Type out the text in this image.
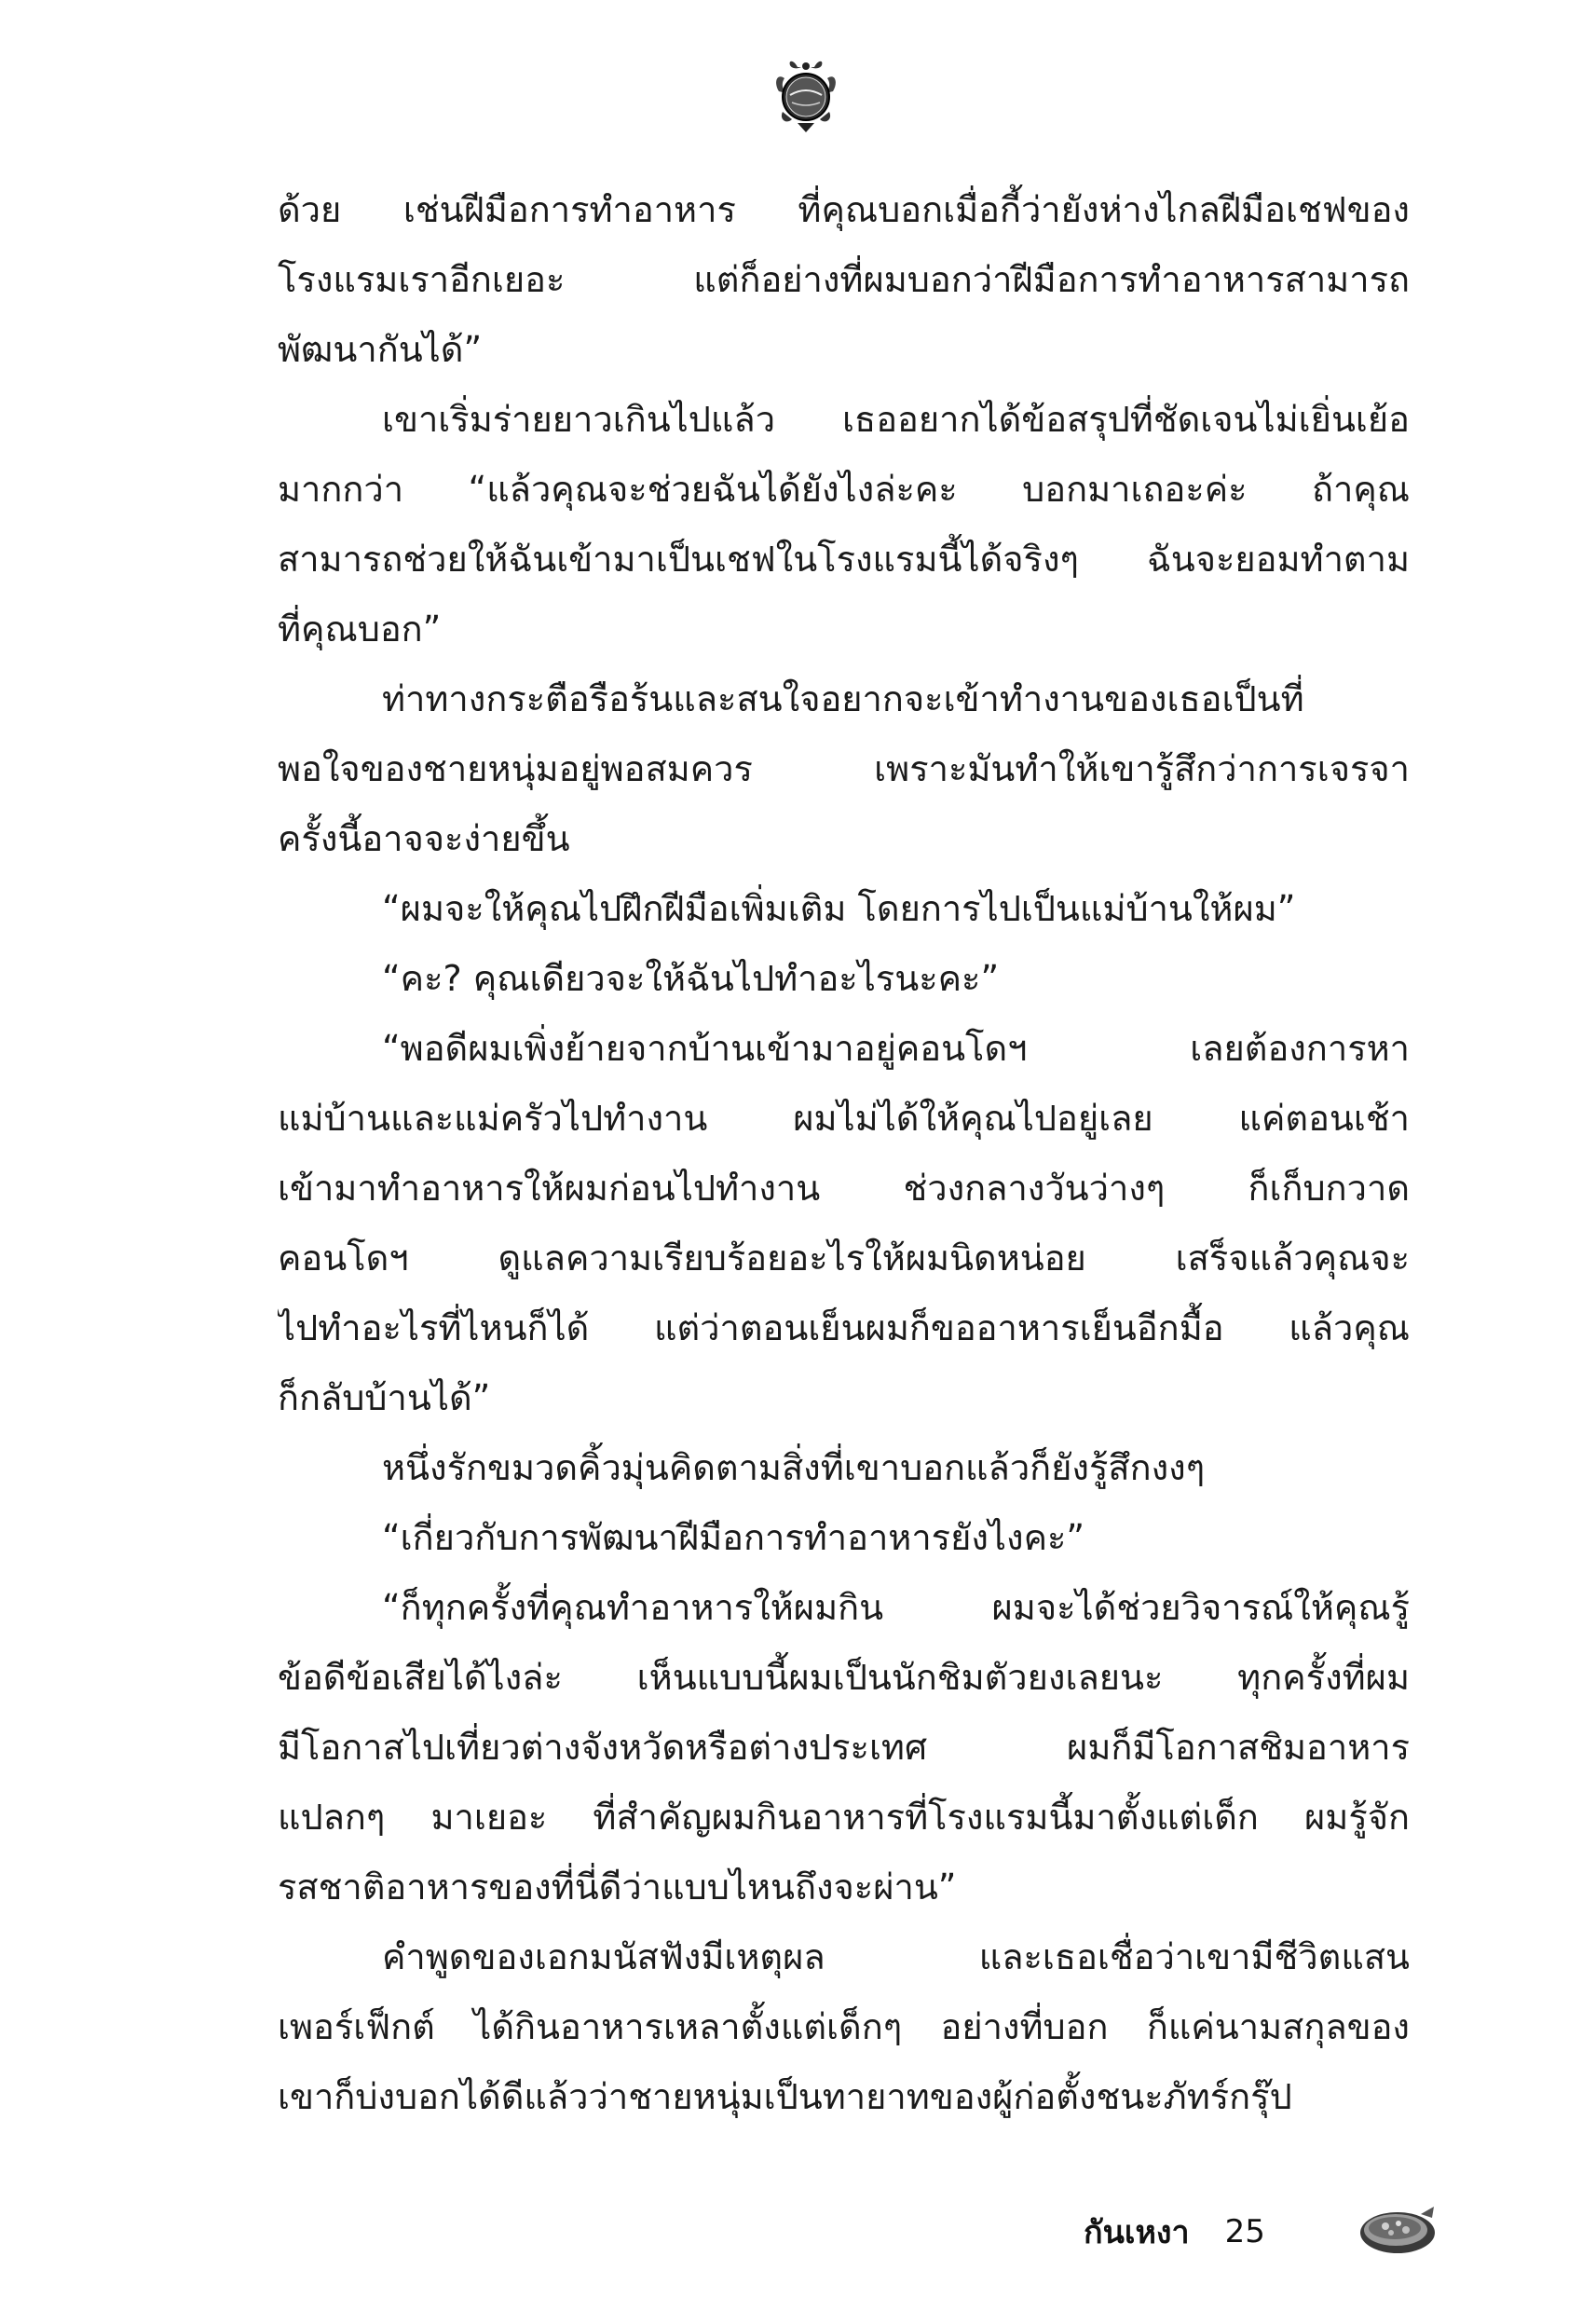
ด้วย เช่นฝีมือการทำอาหาร ที่คุณบอกเมื่อกี้ว่ายังห่างไกลฝีมือเชฟของ
โรงแรมเราอีกเยอะ แต่ก็อย่างที่ผมบอกว่าฝีมือการทำอาหารสามารถ
พัฒนากันได้”
เขาเริ่มร่ายยาวเกินไปแล้ว เธออยากได้ข้อสรุปที่ชัดเจนไม่เยิ่นเย้อ
มากกว่า “แล้วคุณจะช่วยฉันได้ยังไงล่ะคะ บอกมาเถอะค่ะ ถ้าคุณ
สามารถช่วยให้ฉันเข้ามาเป็นเชฟในโรงแรมนี้ได้จริงๆ ฉันจะยอมทำตาม
ที่คุณบอก”
ท่าทางกระตือรือร้นและสนใจอยากจะเข้าทำงานของเธอเป็นที่
พอใจของชายหนุ่มอยู่พอสมควร เพราะมันทำให้เขารู้สึกว่าการเจรจา
ครั้งนี้อาจจะง่ายขึ้น
“ผมจะให้คุณไปฝึกฝีมือเพิ่มเติม โดยการไปเป็นแม่บ้านให้ผม”
“คะ? คุณเดียวจะให้ฉันไปทำอะไรนะคะ”
“พอดีผมเพิ่งย้ายจากบ้านเข้ามาอยู่คอนโดฯ เลยต้องการหา
แม่บ้านและแม่ครัวไปทำงาน ผมไม่ได้ให้คุณไปอยู่เลย แค่ตอนเช้า
เข้ามาทำอาหารให้ผมก่อนไปทำงาน ช่วงกลางวันว่างๆ ก็เก็บกวาด
คอนโดฯ ดูแลความเรียบร้อยอะไรให้ผมนิดหน่อย เสร็จแล้วคุณจะ
ไปทำอะไรที่ไหนก็ได้ แต่ว่าตอนเย็นผมก็ขออาหารเย็นอีกมื้อ แล้วคุณ
ก็กลับบ้านได้”
หนึ่งรักขมวดคิ้วมุ่นคิดตามสิ่งที่เขาบอกแล้วก็ยังรู้สึกงงๆ
“เกี่ยวกับการพัฒนาฝีมือการทำอาหารยังไงคะ”
“ก็ทุกครั้งที่คุณทำอาหารให้ผมกิน ผมจะได้ช่วยวิจารณ์ให้คุณรู้
ข้อดีข้อเสียได้ไงล่ะ เห็นแบบนี้ผมเป็นนักชิมตัวยงเลยนะ ทุกครั้งที่ผม
มีโอกาสไปเที่ยวต่างจังหวัดหรือต่างประเทศ ผมก็มีโอกาสชิมอาหาร
แปลกๆ มาเยอะ ที่สำคัญผมกินอาหารที่โรงแรมนี้มาตั้งแต่เด็ก ผมรู้จัก
รสชาติอาหารของที่นี่ดีว่าแบบไหนถึงจะผ่าน”
คำพูดของเอกมนัสฟังมีเหตุผล และเธอเชื่อว่าเขามีชีวิตแสน
เพอร์เฟ็กต์ ได้กินอาหารเหลาตั้งแต่เด็กๆ อย่างที่บอก ก็แค่นามสกุลของ
เขาก็บ่งบอกได้ดีแล้วว่าชายหนุ่มเป็นทายาทของผู้ก่อตั้งชนะภัทร์กรุ๊ป
กันเหงา 25
